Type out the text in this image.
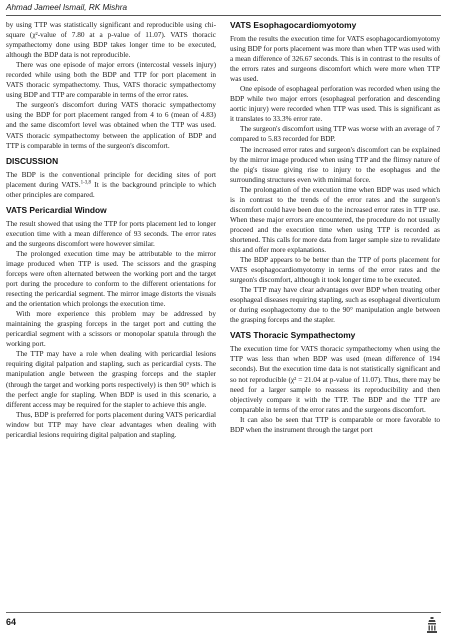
Ahmad Jameel Ismail, RK Mishra

by using TTP was statistically significant and reproducible using chi-square (χ²-value of 7.80 at a p-value of 11.07). VATS thoracic sympathectomy done using BDP takes longer time to be executed, although the BDP data is not reproducible.

There was one episode of major errors (intercostal vessels injury) recorded while using both the BDP and TTP for port placement in VATS thoracic sympathectomy. Thus, VATS thoracic sympathectomy using BDP and TTP are comparable in terms of the error rates.

The surgeon's discomfort during VATS thoracic sympathectomy using the BDP for port placement ranged from 4 to 6 (mean of 4.83) and the same discomfort level was obtained when the TTP was used. VATS thoracic sympathectomy between the application of BDP and TTP is comparable in terms of the surgeon's discomfort.

DISCUSSION

The BDP is the conventional principle for deciding sites of port placement during VATS.$^{1-3,8}$ It is the background principle to which other principles are compared.

VATS Pericardial Window

The result showed that using the TTP for ports placement led to longer execution time with a mean difference of 93 seconds. The error rates and the surgeons discomfort were however similar.

The prolonged execution time may be attributable to the mirror image produced when TTP is used. The scissors and the grasping forceps were often alternated between the working port and the target port during the procedure to conform to the different orientations for resecting the pericardial segment. The mirror image distorts the visuals and the orientation which prolongs the execution time.

With more experience this problem may be addressed by maintaining the grasping forceps in the target port and cutting the pericardial segment with a scissors or monopolar spatula through the working port.

The TTP may have a role when dealing with pericardial lesions requiring digital palpation and stapling, such as pericardial cysts. The manipulation angle between the grasping forceps and the stapler (through the target and working ports respectively) is then 90° which is the perfect angle for stapling. When BDP is used in this scenario, a different access may be required for the stapler to achieve this angle.

Thus, BDP is preferred for ports placement during VATS pericardial window but TTP may have clear advantages when dealing with pericardial lesions requiring digital palpation and stapling.

VATS Esophagocardiomyotomy

From the results the execution time for VATS esophagocardiomyotomy using BDP for ports placement was more than when TTP was used with a mean difference of 326.67 seconds. This is in contrast to the results of the errors rates and surgeons discomfort which were more when TTP was used.

One episode of esophageal perforation was recorded when using the BDP while two major errors (esophageal perforation and descending aortic injury) were recorded when TTP was used. This is significant as it translates to 33.3% error rate.

The surgeon's discomfort using TTP was worse with an average of 7 compared to 5.83 recorded for BDP.

The increased error rates and surgeon's discomfort can be explained by the mirror image produced when using TTP and the flimsy nature of the pig's tissue giving rise to injury to the esophagus and the surrounding structures even with minimal force.

The prolongation of the execution time when BDP was used which is in contrast to the trends of the error rates and the surgeon's discomfort could have been due to the increased error rates in TTP use. When these major errors are encountered, the procedure do not usually proceed and the execution time when using TTP is recorded as shortened. This calls for more data from larger sample size to revalidate this and offer more explanations.

The BDP appears to be better than the TTP of ports placement for VATS esophagocardiomyotomy in terms of the error rates and the surgeon's discomfort, although it took longer time to be executed.

The TTP may have clear advantages over BDP when treating other esophageal diseases requiring stapling, such as esophageal diverticulum or during esophagectomy due to the 90° manipulation angle between the grasping forceps and the stapler.

VATS Thoracic Sympathectomy

The execution time for VATS thoracic sympathectomy when using the TTP was less than when BDP was used (mean difference of 194 seconds). But the execution time data is not statistically significant and so not reproducible (χ² = 21.04 at p-value of 11.07). Thus, there may be need for a larger sample to reassess its reproducibility and then objectively compare it with the TTP. The BDP and the TTP are comparable in terms of the error rates and the surgeons discomfort.

It can also be seen that TTP is comparable or more favorable to BDP when the instrument through the target port

64
